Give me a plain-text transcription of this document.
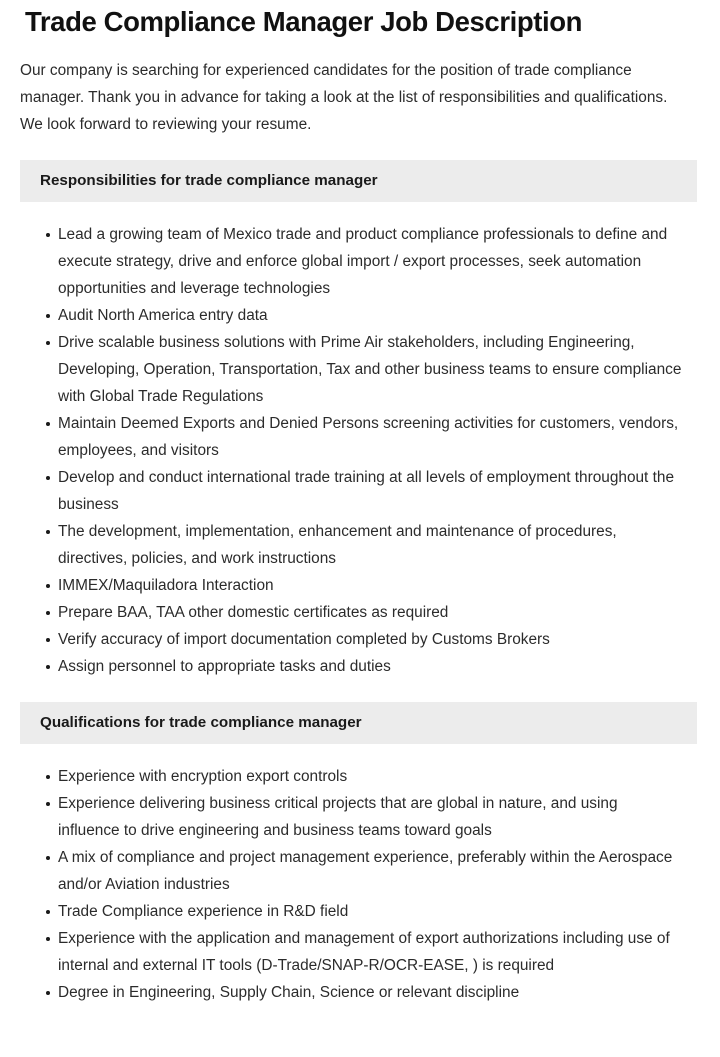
Trade Compliance Manager Job Description

Our company is searching for experienced candidates for the position of trade compliance manager. Thank you in advance for taking a look at the list of responsibilities and qualifications. We look forward to reviewing your resume.

Responsibilities for trade compliance manager
Lead a growing team of Mexico trade and product compliance professionals to define and execute strategy, drive and enforce global import / export processes, seek automation opportunities and leverage technologies
Audit North America entry data
Drive scalable business solutions with Prime Air stakeholders, including Engineering, Developing, Operation, Transportation, Tax and other business teams to ensure compliance with Global Trade Regulations
Maintain Deemed Exports and Denied Persons screening activities for customers, vendors, employees, and visitors
Develop and conduct international trade training at all levels of employment throughout the business
The development, implementation, enhancement and maintenance of procedures, directives, policies, and work instructions
IMMEX/Maquiladora Interaction
Prepare BAA, TAA other domestic certificates as required
Verify accuracy of import documentation completed by Customs Brokers
Assign personnel to appropriate tasks and duties
Qualifications for trade compliance manager
Experience with encryption export controls
Experience delivering business critical projects that are global in nature, and using influence to drive engineering and business teams toward goals
A mix of compliance and project management experience, preferably within the Aerospace and/or Aviation industries
Trade Compliance experience in R&D field
Experience with the application and management of export authorizations including use of internal and external IT tools (D-Trade/SNAP-R/OCR-EASE, ) is required
Degree in Engineering, Supply Chain, Science or relevant discipline
